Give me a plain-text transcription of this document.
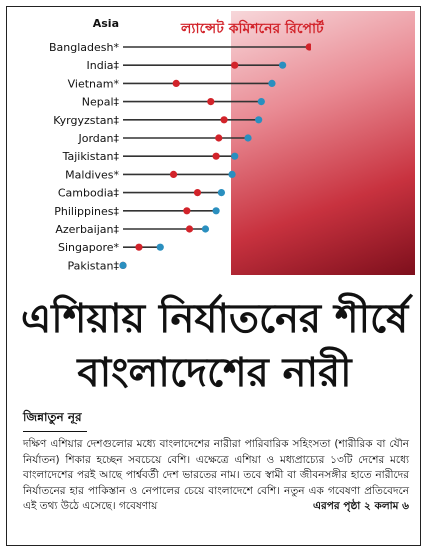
Asia
Bangladesh*
India‡
Vietnam*
Nepal‡
Kyrgyzstan‡
Jordan‡
Tajikistan‡
Maldives*
Cambodia‡
Philippines‡
Azerbaijan‡
Singapore*
Pakistan‡
ল্যান্সেট কমিশনের রিপোর্ট
এশিয়ায় নির্যাতনের শীর্ষে
বাংলাদেশের নারী
জিন্নাতুন নূর
দক্ষিণ এশিয়ার দেশগুলোর মধ্যে বাংলাদেশের নারীরা পারিবারিক সহিংসতা (শারীরিক বা যৌন নির্যাতন) শিকার হচ্ছেন সবচেয়ে বেশি। এক্ষেত্রে এশিয়া ও মধ্যপ্রাচ্যের ১৩টি দেশের মধ্যে বাংলাদেশের পরই আছে পার্শ্ববর্তী দেশ ভারতের নাম। তবে স্বামী বা জীবনসঙ্গীর হাতে নারীদের নির্যাতনের হার পাকিস্তান ও নেপালের চেয়ে বাংলাদেশে বেশি। নতুন এক গবেষণা প্রতিবেদনে এই তথ্য উঠে এসেছে। গবেষণায়	এরপর পৃষ্ঠা ২ কলাম ৬
